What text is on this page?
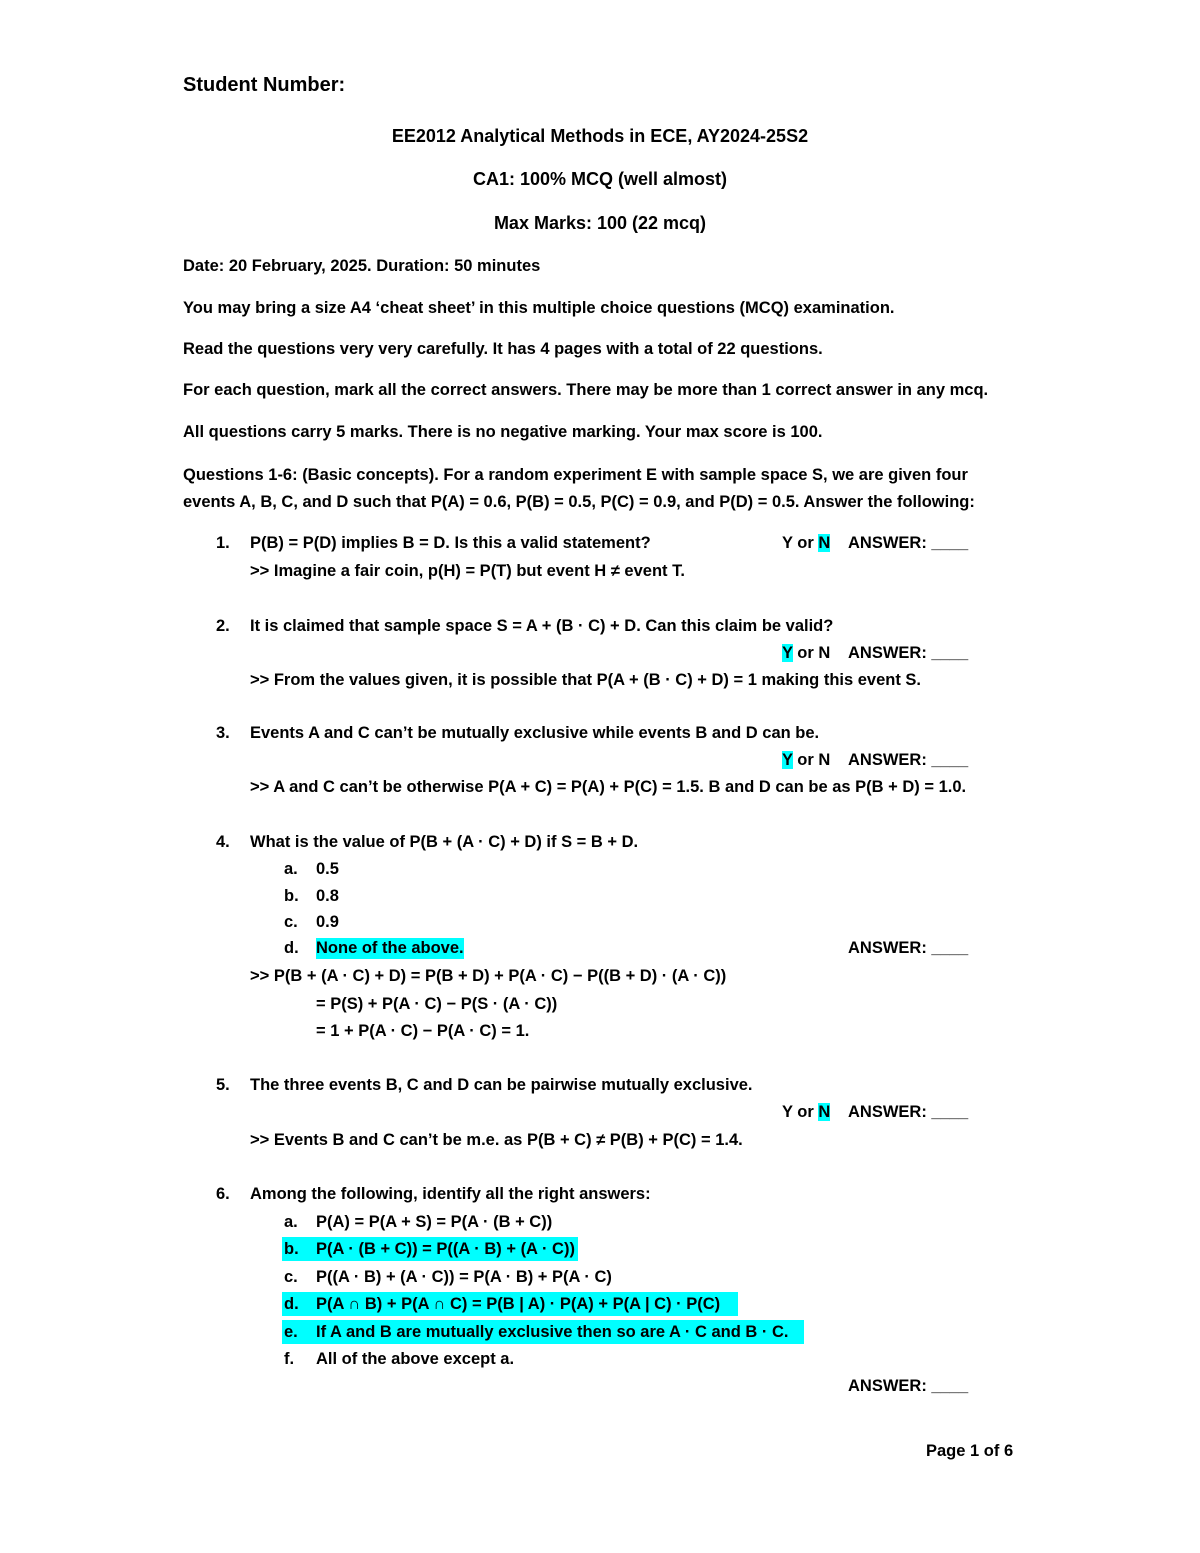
Student Number:
EE2012 Analytical Methods in ECE, AY2024-25S2
CA1: 100% MCQ (well almost)
Max Marks: 100 (22 mcq)
Date: 20 February, 2025. Duration: 50 minutes
You may bring a size A4 ‘cheat sheet’ in this multiple choice questions (MCQ) examination.
Read the questions very very carefully. It has 4 pages with a total of 22 questions.
For each question, mark all the correct answers. There may be more than 1 correct answer in any mcq.
All questions carry 5 marks. There is no negative marking. Your max score is 100.
Questions 1-6: (Basic concepts). For a random experiment E with sample space S, we are given four
events A, B, C, and D such that P(A) = 0.6, P(B) = 0.5, P(C) = 0.9, and P(D) = 0.5. Answer the following:
1. P(B) = P(D) implies B = D. Is this a valid statement?	Y or N ANSWER: ____
>> Imagine a fair coin, p(H) = P(T) but event H ≠ event T.
2. It is claimed that sample space S = A + (B · C) + D. Can this claim be valid?
Y or N ANSWER: ____
>> From the values given, it is possible that P(A + (B · C) + D) = 1 making this event S.
3. Events A and C can’t be mutually exclusive while events B and D can be.
Y or N ANSWER: ____
>> A and C can’t be otherwise P(A + C) = P(A) + P(C) = 1.5. B and D can be as P(B + D) = 1.0.
4. What is the value of P(B + (A · C) + D) if S = B + D.
a. 0.5
b. 0.8
c. 0.9
d. None of the above.	ANSWER: ____
>> P(B + (A · C) + D) = P(B + D) + P(A · C) − P((B + D) · (A · C))
= P(S) + P(A · C) − P(S · (A · C))
= 1 + P(A · C) − P(A · C) = 1.
5. The three events B, C and D can be pairwise mutually exclusive.
Y or N ANSWER: ____
>> Events B and C can’t be m.e. as P(B + C) ≠ P(B) + P(C) = 1.4.
6. Among the following, identify all the right answers:
a. P(A) = P(A + S) = P(A · (B + C))
b. P(A · (B + C)) = P((A · B) + (A · C))
c. P((A · B) + (A · C)) = P(A · B) + P(A · C)
d. P(A ∩ B) + P(A ∩ C) = P(B | A) · P(A) + P(A | C) · P(C)
e. If A and B are mutually exclusive then so are A · C and B · C.
f. All of the above except a.
ANSWER: ____
Page 1 of 6
